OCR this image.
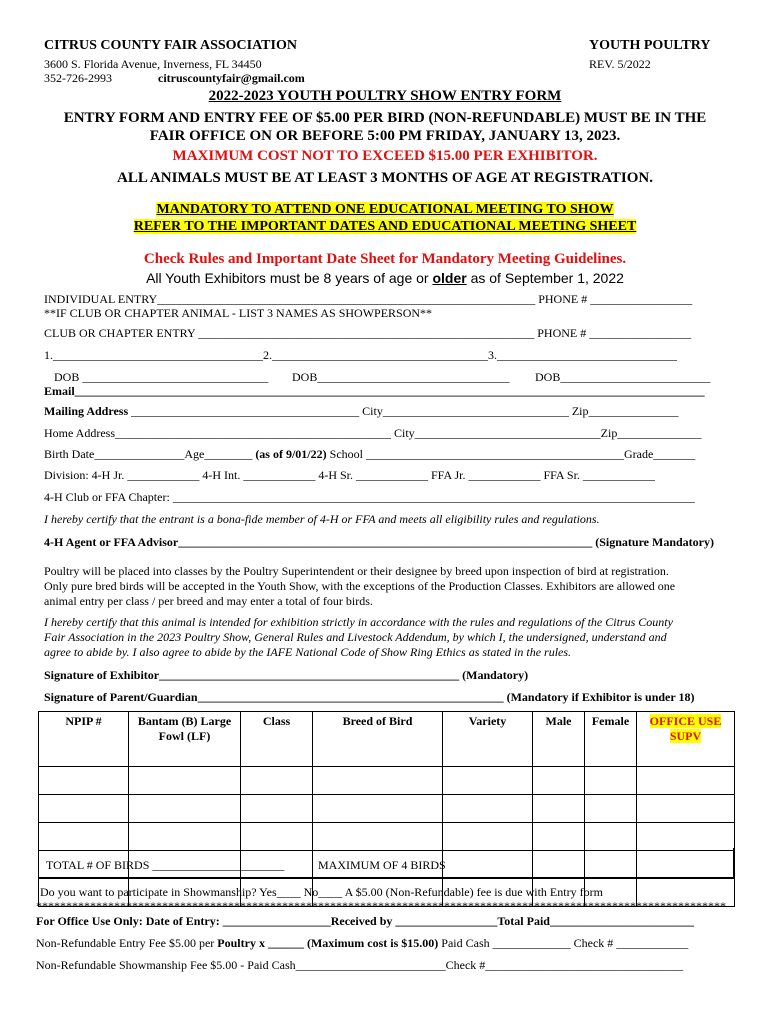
CITRUS COUNTY FAIR ASSOCIATION
3600 S. Florida Avenue, Inverness, FL 34450
352-726-2993	citruscountyfair@gmail.com
YOUTH POULTRY
REV. 5/2022
2022-2023 YOUTH POULTRY SHOW ENTRY FORM
ENTRY FORM AND ENTRY FEE OF $5.00 PER BIRD (NON-REFUNDABLE) MUST BE IN THE
FAIR OFFICE ON OR BEFORE 5:00 PM FRIDAY, JANUARY 13, 2023.
MAXIMUM COST NOT TO EXCEED $15.00 PER EXHIBITOR.
ALL ANIMALS MUST BE AT LEAST 3 MONTHS OF AGE AT REGISTRATION.
MANDATORY TO ATTEND ONE EDUCATIONAL MEETING TO SHOW
REFER TO THE IMPORTANT DATES AND EDUCATIONAL MEETING SHEET
Check Rules and Important Date Sheet for Mandatory Meeting Guidelines.
All Youth Exhibitors must be 8 years of age or older as of September 1, 2022
INDIVIDUAL ENTRY_______________________________________________________________ PHONE # _________________
**IF CLUB OR CHAPTER ANIMAL - LIST 3 NAMES AS SHOWPERSON**
CLUB OR CHAPTER ENTRY ________________________________________________________ PHONE # _________________
1.___________________________________2.____________________________________3.______________________________
DOB _______________________________ DOB________________________________ DOB_________________________
Email_________________________________________________________________________________________________________
Mailing Address ______________________________________ City_______________________________ Zip_______________
Home Address______________________________________________ City_______________________________Zip______________
Birth Date_______________Age________ (as of 9/01/22) School ___________________________________________Grade_______
Division: 4-H Jr. ____________ 4-H Int. ____________ 4-H Sr. ____________ FFA Jr. ____________ FFA Sr. ____________
4-H Club or FFA Chapter: _______________________________________________________________________________________
I hereby certify that the entrant is a bona-fide member of 4-H or FFA and meets all eligibility rules and regulations.
4-H Agent or FFA Advisor_____________________________________________________________________ (Signature Mandatory)
Poultry will be placed into classes by the Poultry Superintendent or their designee by breed upon inspection of bird at registration.
Only pure bred birds will be accepted in the Youth Show, with the exceptions of the Production Classes. Exhibitors are allowed one
animal entry per class / per breed and may enter a total of four birds.
I hereby certify that this animal is intended for exhibition strictly in accordance with the rules and regulations of the Citrus County
Fair Association in the 2023 Poultry Show, General Rules and Livestock Addendum, by which I, the undersigned, understand and
agree to abide by. I also agree to abide by the IAFE National Code of Show Ring Ethics as stated in the rules.
Signature of Exhibitor__________________________________________________ (Mandatory)
Signature of Parent/Guardian___________________________________________________ (Mandatory if Exhibitor is under 18)
NPIP #	Bantam (B) Large Fowl (LF)	Class	Breed of Bird	Variety	Male	Female	OFFICE USE SUPV

TOTAL # OF BIRDS ______________________	MAXIMUM OF 4 BIRDS
Do you want to participate in Showmanship? Yes____ No____ A $5.00 (Non-Refundable) fee is due with Entry form
*******************************************************************************************************************
For Office Use Only: Date of Entry: __________________Received by _________________Total Paid________________________
Non-Refundable Entry Fee $5.00 per Poultry x ______ (Maximum cost is $15.00) Paid Cash _____________ Check # ____________
Non-Refundable Showmanship Fee $5.00 - Paid Cash_________________________Check #_________________________________
